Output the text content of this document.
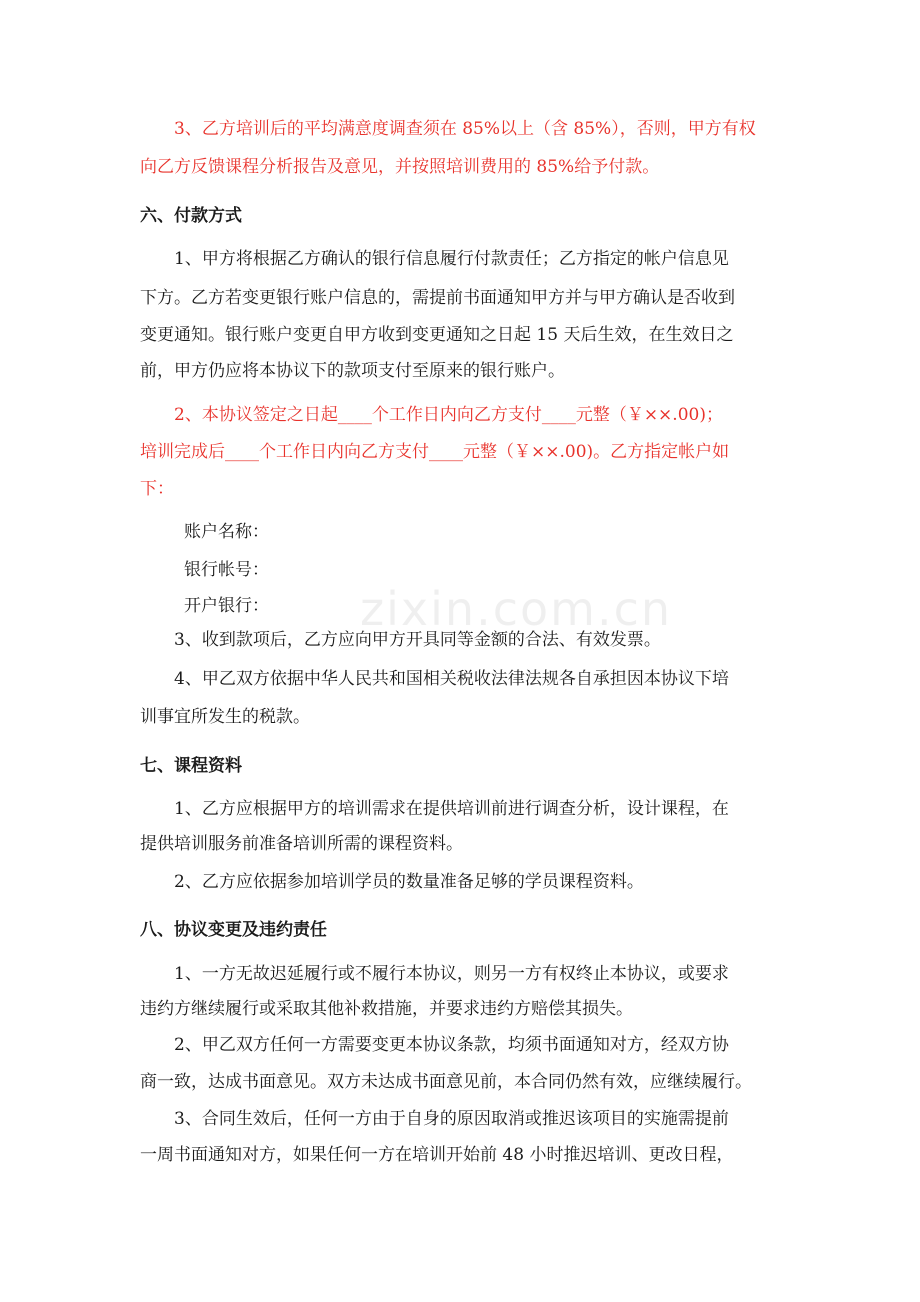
zixin.com.cn
3、乙方培训后的平均满意度调查须在 85%以上（含 85%），否则，甲方有权
向乙方反馈课程分析报告及意见，并按照培训费用的 85%给予付款。
六、付款方式
1、甲方将根据乙方确认的银行信息履行付款责任；乙方指定的帐户信息见
下方。乙方若变更银行账户信息的，需提前书面通知甲方并与甲方确认是否收到
变更通知。银行账户变更自甲方收到变更通知之日起 15 天后生效，在生效日之
前，甲方仍应将本协议下的款项支付至原来的银行账户。
2、本协议签定之日起____个工作日内向乙方支付____元整（￥××.00)；
培训完成后____个工作日内向乙方支付____元整（￥××.00)。乙方指定帐户如
下：
账户名称：
银行帐号：
开户银行：
3、收到款项后，乙方应向甲方开具同等金额的合法、有效发票。
4、甲乙双方依据中华人民共和国相关税收法律法规各自承担因本协议下培
训事宜所发生的税款。
七、课程资料
1、乙方应根据甲方的培训需求在提供培训前进行调查分析，设计课程，在
提供培训服务前准备培训所需的课程资料。
2、乙方应依据参加培训学员的数量准备足够的学员课程资料。
八、协议变更及违约责任
1、一方无故迟延履行或不履行本协议，则另一方有权终止本协议，或要求
违约方继续履行或采取其他补救措施，并要求违约方赔偿其损失。
2、甲乙双方任何一方需要变更本协议条款，均须书面通知对方，经双方协
商一致，达成书面意见。双方未达成书面意见前，本合同仍然有效，应继续履行。
3、合同生效后，任何一方由于自身的原因取消或推迟该项目的实施需提前
一周书面通知对方，如果任何一方在培训开始前 48 小时推迟培训、更改日程，
